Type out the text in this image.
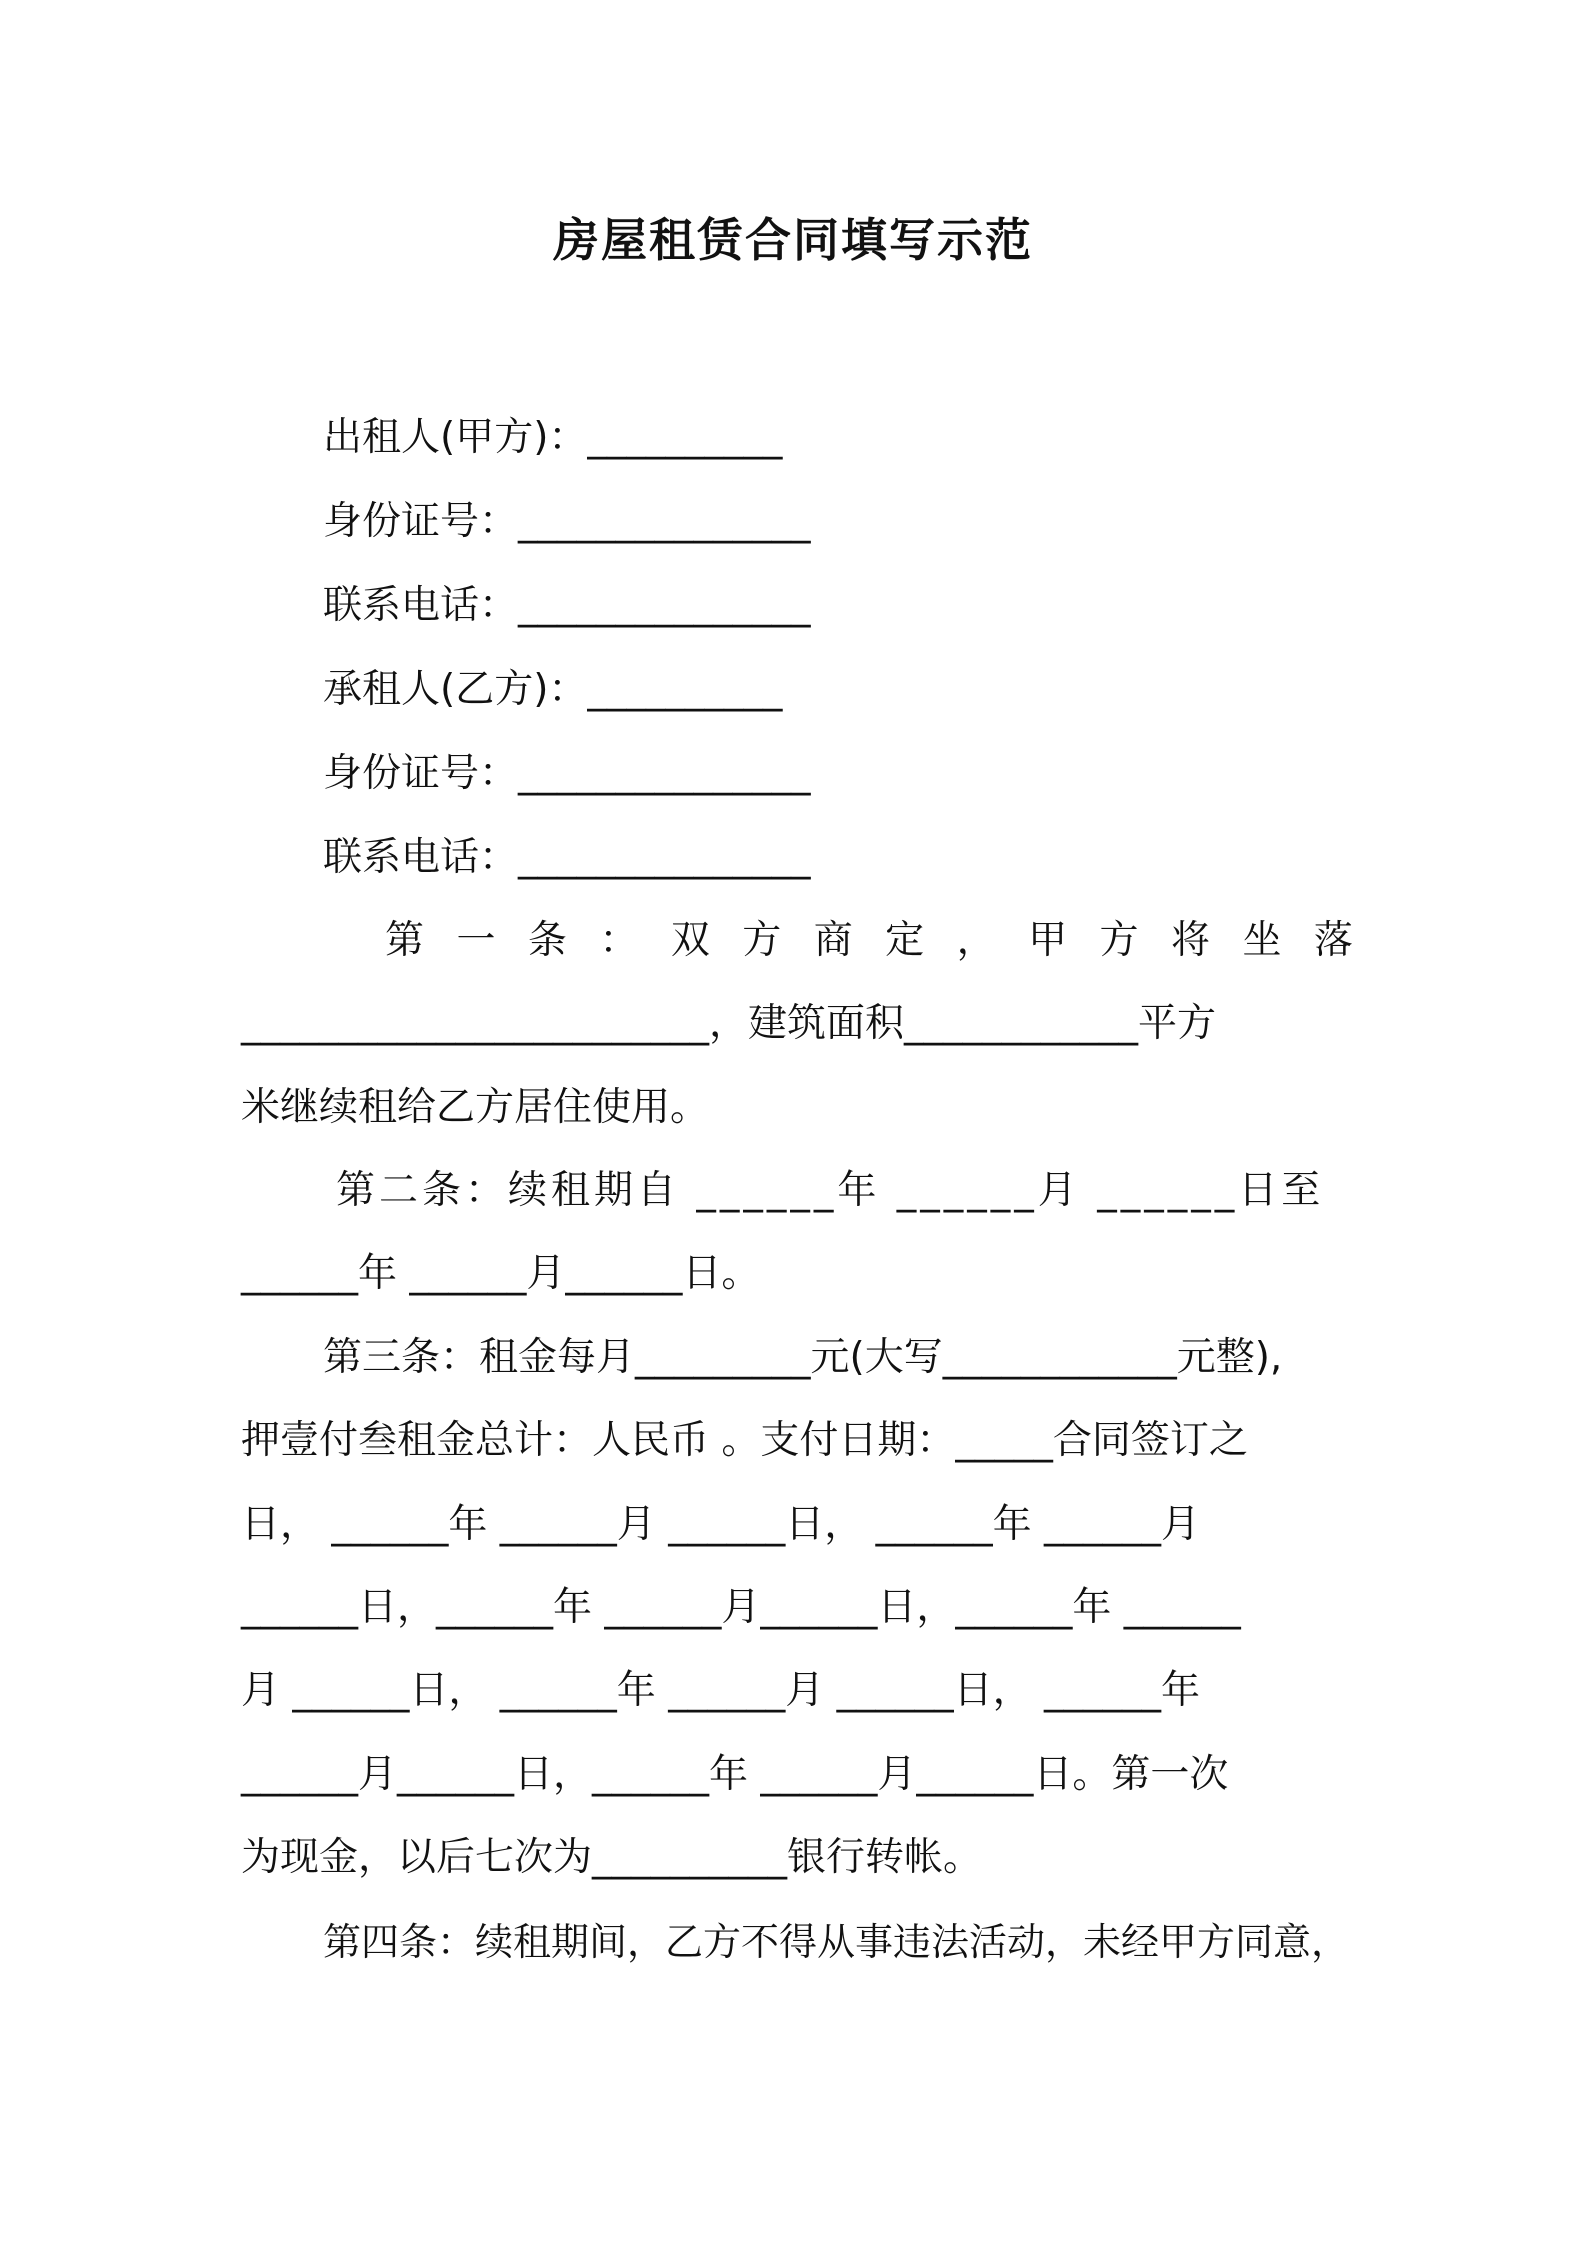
房屋租赁合同填写示范
出租人(甲方)：__________
身份证号：_______________
联系电话：_______________
承租人(乙方)：__________
身份证号：_______________
联系电话：_______________
第 一 条 ： 双 方 商 定 ， 甲 方 将 坐 落
________________________，建筑面积____________平方
米继续租给乙方居住使用。
第二条：续租期自 ______年 ______月 ______日至
______年 ______月______日。
第三条：租金每月_________元(大写____________元整),
押壹付叁租金总计：人民币 。支付日期：_____合同签订之
日， ______年 ______月 ______日， ______年 ______月
______日，______年 ______月______日，______年 ______
月 ______日， ______年 ______月 ______日， ______年
______月______日，______年 ______月______日。第一次
为现金，以后七次为__________银行转帐。
第四条：续租期间，乙方不得从事违法活动，未经甲方同意，
